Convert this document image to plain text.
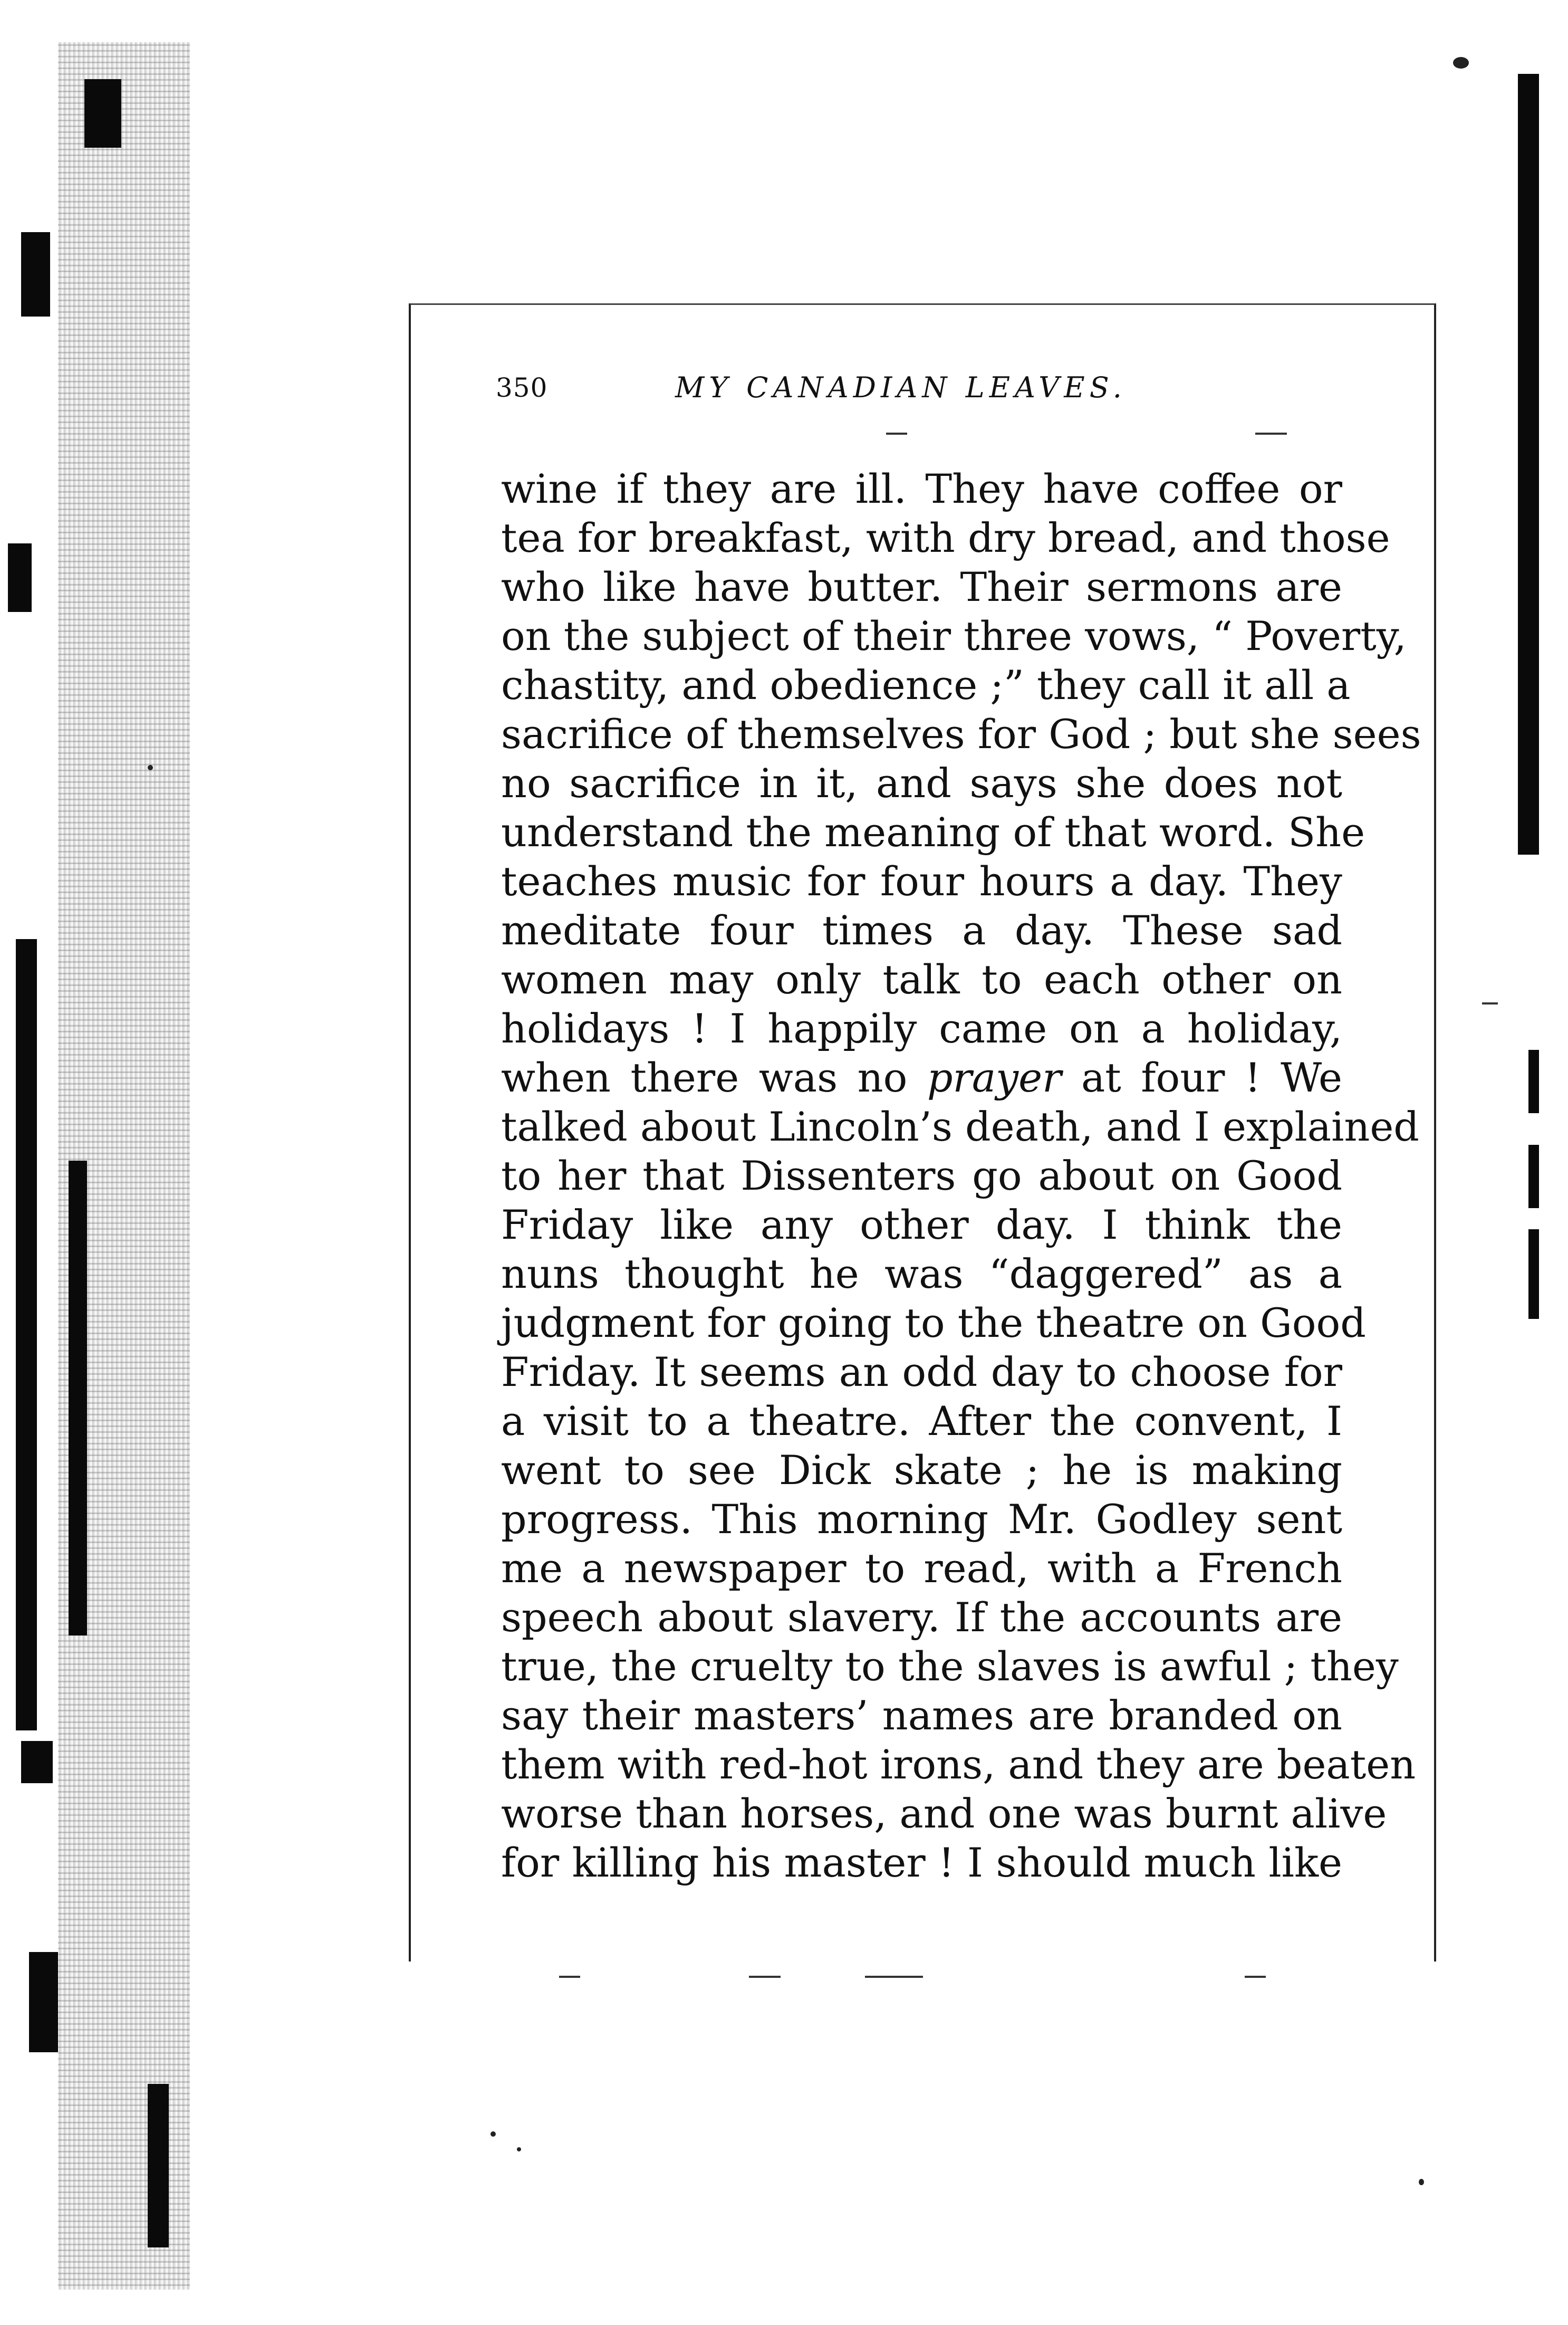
350	MY CANADIAN LEAVES.
wine if they are ill. They have coffee or
tea for breakfast, with dry bread, and those
who like have butter. Their sermons are
on the subject of their three vows, “ Poverty,
chastity, and obedience ;” they call it all a
sacrifice of themselves for God ; but she sees
no sacrifice in it, and says she does not
understand the meaning of that word. She
teaches music for four hours a day. They
meditate four times a day. These sad
women may only talk to each other on
holidays ! I happily came on a holiday,
when there was no prayer at four ! We
talked about Lincoln’s death, and I explained
to her that Dissenters go about on Good
Friday like any other day. I think the
nuns thought he was “daggered” as a
judgment for going to the theatre on Good
Friday. It seems an odd day to choose for
a visit to a theatre. After the convent, I
went to see Dick skate ; he is making
progress. This morning Mr. Godley sent
me a newspaper to read, with a French
speech about slavery. If the accounts are
true, the cruelty to the slaves is awful ; they
say their masters’ names are branded on
them with red-hot irons, and they are beaten
worse than horses, and one was burnt alive
for killing his master ! I should much like
